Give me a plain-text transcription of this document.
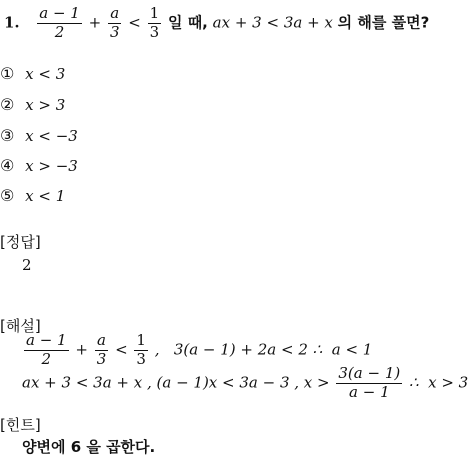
1. $\frac{a - 1}{2} + \frac{a}{3} < \frac{1}{3}$ 일 때, ax + 3 < 3a + x 의 해를 풀면?
① x < 3
② x > 3
③ x < −3
④ x > −3
⑤ x < 1
[정답]
2
[해설]
$\frac{a - 1}{2} + \frac{a}{3} < \frac{1}{3}$ ,   3(a − 1) + 2a < 2 ∴  a < 1
ax + 3 < 3a + x , (a − 1)x < 3a − 3 , $x > \frac{3(a - 1)}{a - 1}$ ∴  x > 3
[힌트]
양변에 6 을 곱한다.
